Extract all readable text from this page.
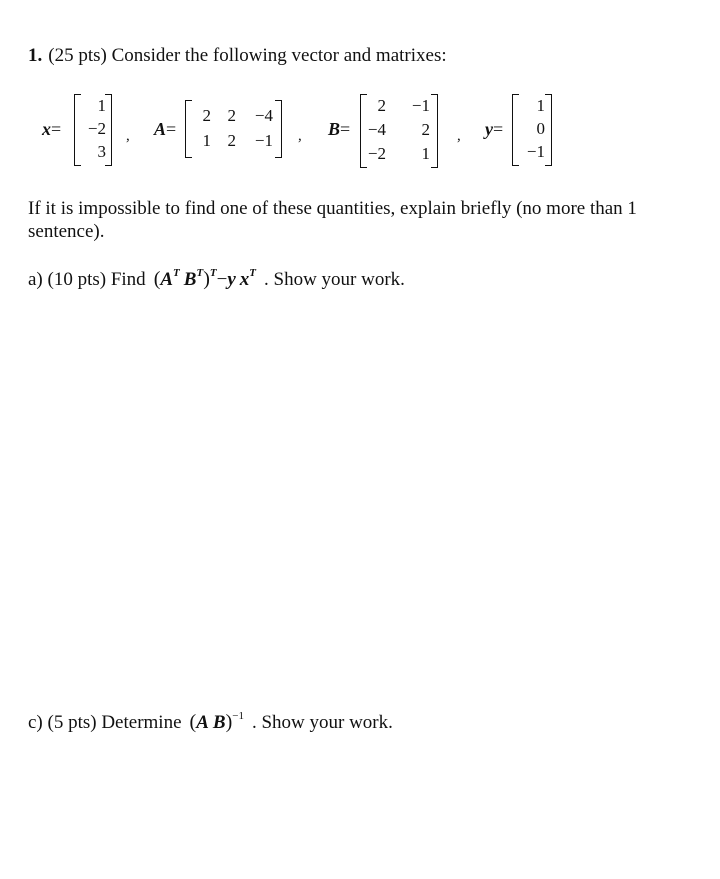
1. (25 pts) Consider the following vector and matrixes:
x=
1
−2
3
, A=
2 2 −4
1 2 −1 , B=
2 −1
−4 2
−2 1
, y=
1
0
−1
If it is impossible to find one of these quantities, explain briefly (no more than 1 sentence).
a) (10 pts) Find ($A^T$ $B^T)^T-y$ $x^T$ . Show your work.
c) (5 pts) Determine (A B)$^{-1}$ . Show your work.
